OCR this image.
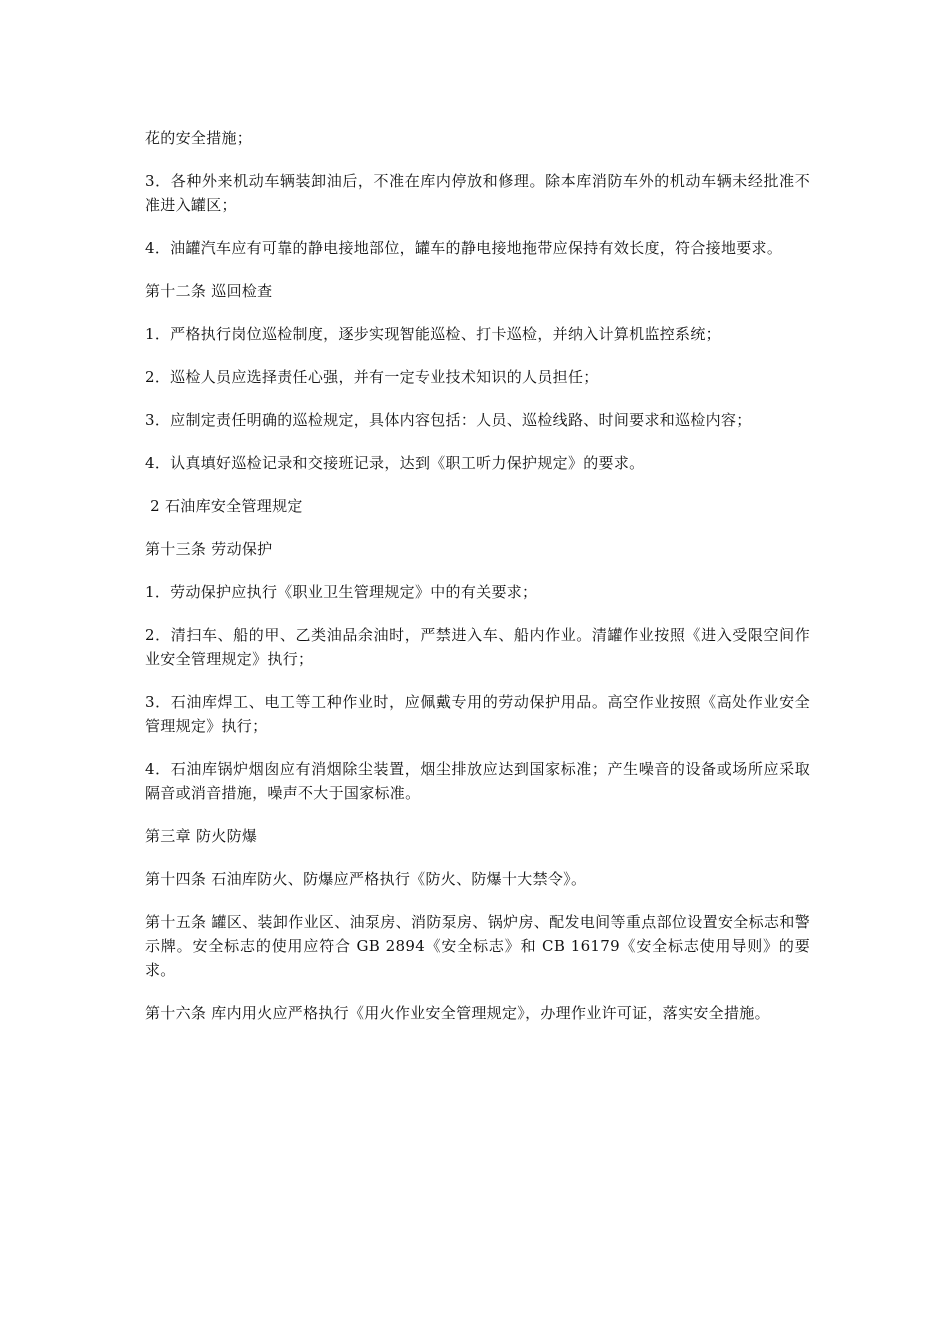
花的安全措施；

3．各种外来机动车辆装卸油后，不准在库内停放和修理。除本库消防车外的机动车辆未经批准不准进入罐区；

4．油罐汽车应有可靠的静电接地部位，罐车的静电接地拖带应保持有效长度，符合接地要求。

第十二条 巡回检查

1．严格执行岗位巡检制度，逐步实现智能巡检、打卡巡检，并纳入计算机监控系统；

2．巡检人员应选择责任心强，并有一定专业技术知识的人员担任；

3．应制定责任明确的巡检规定，具体内容包括：人员、巡检线路、时间要求和巡检内容；

4．认真填好巡检记录和交接班记录，达到《职工听力保护规定》的要求。

2 石油库安全管理规定

第十三条 劳动保护

1．劳动保护应执行《职业卫生管理规定》中的有关要求；

2．清扫车、船的甲、乙类油品余油时，严禁进入车、船内作业。清罐作业按照《进入受限空间作业安全管理规定》执行；

3．石油库焊工、电工等工种作业时，应佩戴专用的劳动保护用品。高空作业按照《高处作业安全管理规定》执行；

4．石油库锅炉烟囱应有消烟除尘装置，烟尘排放应达到国家标准；产生噪音的设备或场所应采取隔音或消音措施，噪声不大于国家标准。

第三章 防火防爆

第十四条 石油库防火、防爆应严格执行《防火、防爆十大禁令》。

第十五条 罐区、装卸作业区、油泵房、消防泵房、锅炉房、配发电间等重点部位设置安全标志和警示牌。安全标志的使用应符合 GB 2894《安全标志》和 CB 16179《安全标志使用导则》的要求。

第十六条 库内用火应严格执行《用火作业安全管理规定》，办理作业许可证，落实安全措施。
